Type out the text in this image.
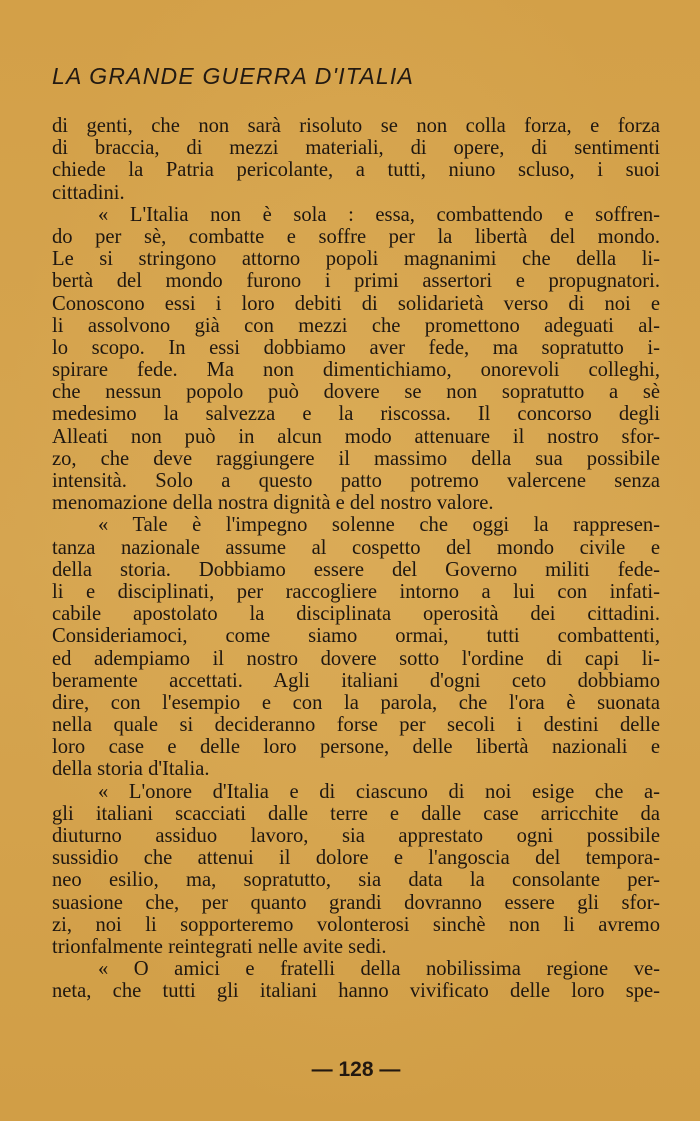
LA GRANDE GUERRA D'ITALIA
di genti, che non sarà risoluto se non colla forza, e forza
di braccia, di mezzi materiali, di opere, di sentimenti
chiede la Patria pericolante, a tutti, niuno scluso, i suoi
cittadini.
« L'Italia non è sola : essa, combattendo e soffren-
do per sè, combatte e soffre per la libertà del mondo.
Le si stringono attorno popoli magnanimi che della li-
bertà del mondo furono i primi assertori e propugnatori.
Conoscono essi i loro debiti di solidarietà verso di noi e
li assolvono già con mezzi che promettono adeguati al-
lo scopo. In essi dobbiamo aver fede, ma sopratutto i-
spirare fede. Ma non dimentichiamo, onorevoli colleghi,
che nessun popolo può dovere se non sopratutto a sè
medesimo la salvezza e la riscossa. Il concorso degli
Alleati non può in alcun modo attenuare il nostro sfor-
zo, che deve raggiungere il massimo della sua possibile
intensità. Solo a questo patto potremo valercene senza
menomazione della nostra dignità e del nostro valore.
« Tale è l'impegno solenne che oggi la rappresen-
tanza nazionale assume al cospetto del mondo civile e
della storia. Dobbiamo essere del Governo militi fede-
li e disciplinati, per raccogliere intorno a lui con infati-
cabile apostolato la disciplinata operosità dei cittadini.
Consideriamoci, come siamo ormai, tutti combattenti,
ed adempiamo il nostro dovere sotto l'ordine di capi li-
beramente accettati. Agli italiani d'ogni ceto dobbiamo
dire, con l'esempio e con la parola, che l'ora è suonata
nella quale si decideranno forse per secoli i destini delle
loro case e delle loro persone, delle libertà nazionali e
della storia d'Italia.
« L'onore d'Italia e di ciascuno di noi esige che a-
gli italiani scacciati dalle terre e dalle case arricchite da
diuturno assiduo lavoro, sia apprestato ogni possibile
sussidio che attenui il dolore e l'angoscia del tempora-
neo esilio, ma, sopratutto, sia data la consolante per-
suasione che, per quanto grandi dovranno essere gli sfor-
zi, noi li sopporteremo volonterosi sinchè non li avremo
trionfalmente reintegrati nelle avite sedi.
« O amici e fratelli della nobilissima regione ve-
neta, che tutti gli italiani hanno vivificato delle loro spe-
— 128 —
